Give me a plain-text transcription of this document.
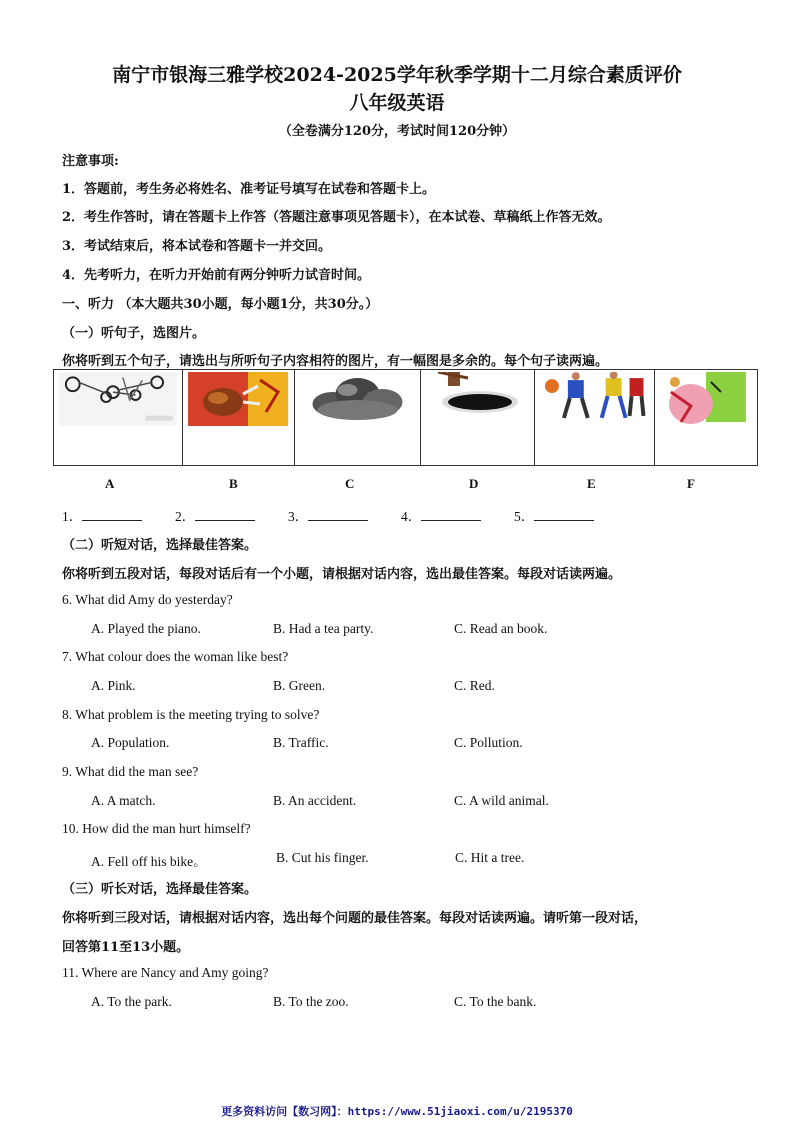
南宁市银海三雅学校2024-2025学年秋季学期十二月综合素质评价
八年级英语
（全卷满分120分，考试时间120分钟）
注意事项:
1．答题前，考生务必将姓名、准考证号填写在试卷和答题卡上。
2．考生作答时，请在答题卡上作答（答题注意事项见答题卡），在本试卷、草稿纸上作答无效。
3．考试结束后，将本试卷和答题卡一并交回。
4．先考听力，在听力开始前有两分钟听力试音时间。
一、听力 （本大题共30小题，每小题1分，共30分。）
（一）听句子，选图片。
你将听到五个句子，请选出与所听句子内容相符的图片，有一幅图是多余的。每个句子读两遍。

A	B	C	D	E	F
1．	2．	3．	4．	5．
（二）听短对话，选择最佳答案。
你将听到五段对话，每段对话后有一个小题，请根据对话内容，选出最佳答案。每段对话读两遍。
6. What did Amy do yesterday?
A. Played the piano.	B. Had a tea party.	C. Read an book.
7. What colour does the woman like best?
A. Pink.	B. Green.	C. Red.
8. What problem is the meeting trying to solve?
A. Population.	B. Traffic.	C. Pollution.
9. What did the man see?
A. A match.	B. An accident.	C. A wild animal.
10. How did the man hurt himself?
A. Fell off his bike。	B. Cut his finger.	C. Hit a tree.
（三）听长对话，选择最佳答案。
你将听到三段对话，请根据对话内容，选出每个问题的最佳答案。每段对话读两遍。请听第一段对话，
回答第11至13小题。
11. Where are Nancy and Amy going?
A. To the park.	B. To the zoo.	C. To the bank.
更多资料访问【数习网】：https://www.51jiaoxi.com/u/2195370
